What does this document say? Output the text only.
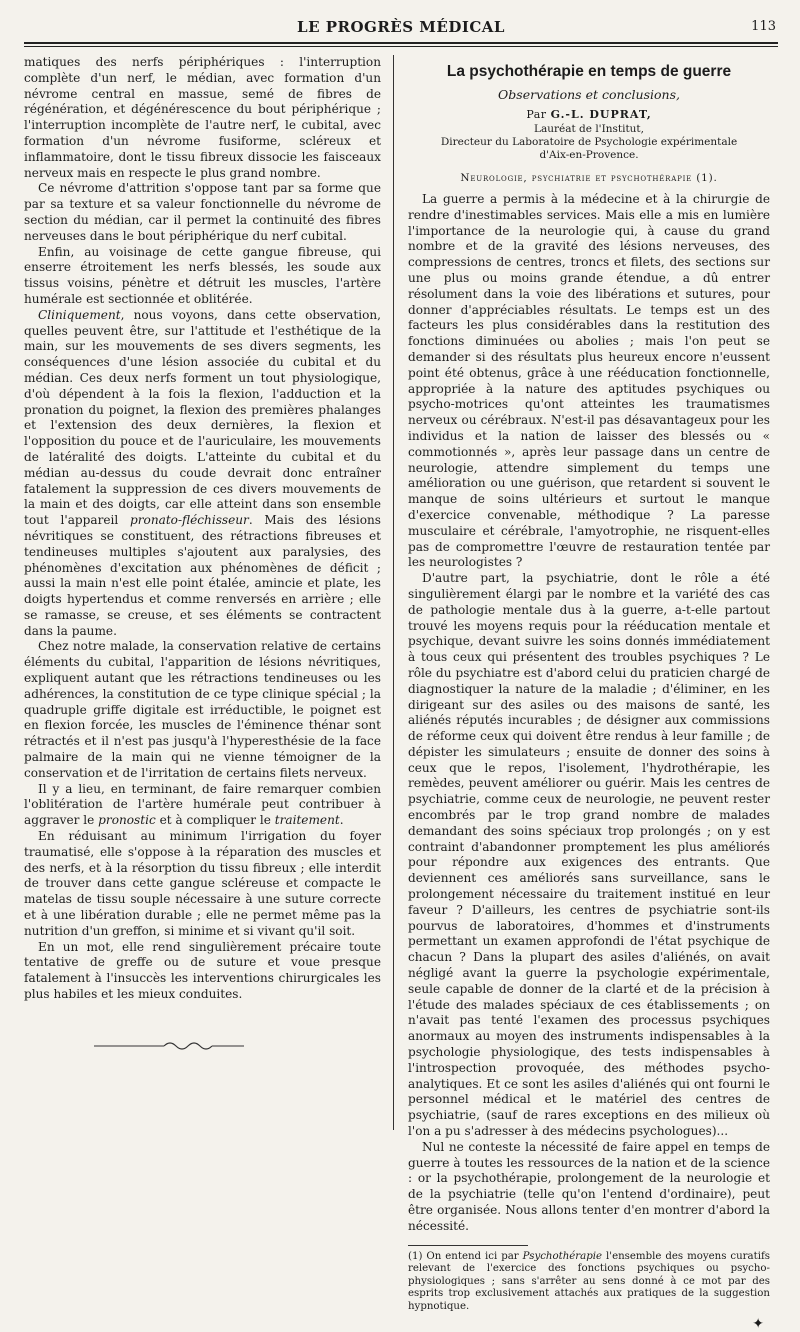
LE PROGRÈS MÉDICAL	113

matiques des nerfs périphériques : l'interruption complète d'un nerf, le médian, avec formation d'un névrome central en massue, semé de fibres de régénération, et dégénérescence du bout périphérique ; l'interruption incomplète de l'autre nerf, le cubital, avec formation d'un névrome fusiforme, scléreux et inflammatoire, dont le tissu fibreux dissocie les faisceaux nerveux mais en respecte le plus grand nombre.

Ce névrome d'attrition s'oppose tant par sa forme que par sa texture et sa valeur fonctionnelle du névrome de section du médian, car il permet la continuité des fibres nerveuses dans le bout périphérique du nerf cubital.

Enfin, au voisinage de cette gangue fibreuse, qui enserre étroitement les nerfs blessés, les soude aux tissus voisins, pénètre et détruit les muscles, l'artère humérale est sectionnée et oblitérée.

Cliniquement, nous voyons, dans cette observation, quelles peuvent être, sur l'attitude et l'esthétique de la main, sur les mouvements de ses divers segments, les conséquences d'une lésion associée du cubital et du médian. Ces deux nerfs forment un tout physiologique, d'où dépendent à la fois la flexion, l'adduction et la pronation du poignet, la flexion des premières phalanges et l'extension des deux dernières, la flexion et l'opposition du pouce et de l'auriculaire, les mouvements de latéralité des doigts. L'atteinte du cubital et du médian au-dessus du coude devrait donc entraîner fatalement la suppression de ces divers mouvements de la main et des doigts, car elle atteint dans son ensemble tout l'appareil pronato-fléchisseur. Mais des lésions névritiques se constituent, des rétractions fibreuses et tendineuses multiples s'ajoutent aux paralysies, des phénomènes d'excitation aux phénomènes de déficit ; aussi la main n'est elle point étalée, amincie et plate, les doigts hypertendus et comme renversés en arrière ; elle se ramasse, se creuse, et ses éléments se contractent dans la paume.

Chez notre malade, la conservation relative de certains éléments du cubital, l'apparition de lésions névritiques, expliquent autant que les rétractions tendineuses ou les adhérences, la constitution de ce type clinique spécial ; la quadruple griffe digitale est irréductible, le poignet est en flexion forcée, les muscles de l'éminence thénar sont rétractés et il n'est pas jusqu'à l'hyperesthésie de la face palmaire de la main qui ne vienne témoigner de la conservation et de l'irritation de certains filets nerveux.

Il y a lieu, en terminant, de faire remarquer combien l'oblitération de l'artère humérale peut contribuer à aggraver le pronostic et à compliquer le traitement.

En réduisant au minimum l'irrigation du foyer traumatisé, elle s'oppose à la réparation des muscles et des nerfs, et à la résorption du tissu fibreux ; elle interdit de trouver dans cette gangue scléreuse et compacte le matelas de tissu souple nécessaire à une suture correcte et à une libération durable ; elle ne permet même pas la nutrition d'un greffon, si minime et si vivant qu'il soit.

En un mot, elle rend singulièrement précaire toute tentative de greffe ou de suture et voue presque fatalement à l'insuccès les interventions chirurgicales les plus habiles et les mieux conduites.

La psychothérapie en temps de guerre
Observations et conclusions,
Par G.-L. DUPRAT,
Lauréat de l'Institut,
Directeur du Laboratoire de Psychologie expérimentale
d'Aix-en-Provence.
Neurologie, psychiatrie et psychothérapie (1).

La guerre a permis à la médecine et à la chirurgie de rendre d'inestimables services. Mais elle a mis en lumière l'importance de la neurologie qui, à cause du grand nombre et de la gravité des lésions nerveuses, des compressions de centres, troncs et filets, des sections sur une plus ou moins grande étendue, a dû entrer résolument dans la voie des libérations et sutures, pour donner d'appréciables résultats. Le temps est un des facteurs les plus considérables dans la restitution des fonctions diminuées ou abolies ; mais l'on peut se demander si des résultats plus heureux encore n'eussent point été obtenus, grâce à une rééducation fonctionnelle, appropriée à la nature des aptitudes psychiques ou psycho-motrices qu'ont atteintes les traumatismes nerveux ou cérébraux. N'est-il pas désavantageux pour les individus et la nation de laisser des blessés ou « commotionnés », après leur passage dans un centre de neurologie, attendre simplement du temps une amélioration ou une guérison, que retardent si souvent le manque de soins ultérieurs et surtout le manque d'exercice convenable, méthodique ? La paresse musculaire et cérébrale, l'amyotrophie, ne risquent-elles pas de compromettre l'œuvre de restauration tentée par les neurologistes ?

D'autre part, la psychiatrie, dont le rôle a été singulièrement élargi par le nombre et la variété des cas de pathologie mentale dus à la guerre, a-t-elle partout trouvé les moyens requis pour la rééducation mentale et psychique, devant suivre les soins donnés immédiatement à tous ceux qui présentent des troubles psychiques ? Le rôle du psychiatre est d'abord celui du praticien chargé de diagnostiquer la nature de la maladie ; d'éliminer, en les dirigeant sur des asiles ou des maisons de santé, les aliénés réputés incurables ; de désigner aux commissions de réforme ceux qui doivent être rendus à leur famille ; de dépister les simulateurs ; ensuite de donner des soins à ceux que le repos, l'isolement, l'hydrothérapie, les remèdes, peuvent améliorer ou guérir. Mais les centres de psychiatrie, comme ceux de neurologie, ne peuvent rester encombrés par le trop grand nombre de malades demandant des soins spéciaux trop prolongés ; on y est contraint d'abandonner promptement les plus améliorés pour répondre aux exigences des entrants. Que deviennent ces améliorés sans surveillance, sans le prolongement nécessaire du traitement institué en leur faveur ? D'ailleurs, les centres de psychiatrie sont-ils pourvus de laboratoires, d'hommes et d'instruments permettant un examen approfondi de l'état psychique de chacun ? Dans la plupart des asiles d'aliénés, on avait négligé avant la guerre la psychologie expérimentale, seule capable de donner de la clarté et de la précision à l'étude des malades spéciaux de ces établissements ; on n'avait pas tenté l'examen des processus psychiques anormaux au moyen des instruments indispensables à la psychologie physiologique, des tests indispensables à l'introspection provoquée, des méthodes psycho-analytiques. Et ce sont les asiles d'aliénés qui ont fourni le personnel médical et le matériel des centres de psychiatrie, (sauf de rares exceptions en des milieux où l'on a pu s'adresser à des médecins psychologues)...

Nul ne conteste la nécessité de faire appel en temps de guerre à toutes les ressources de la nation et de la science : or la psychothérapie, prolongement de la neurologie et de la psychiatrie (telle qu'on l'entend d'ordinaire), peut être organisée. Nous allons tenter d'en montrer d'abord la nécessité.

(1) On entend ici par Psychothérapie l'ensemble des moyens curatifs relevant de l'exercice des fonctions psychiques ou psycho-physiologiques ; sans s'arrêter au sens donné à ce mot par des esprits trop exclusivement attachés aux pratiques de la suggestion hypnotique.
✦
